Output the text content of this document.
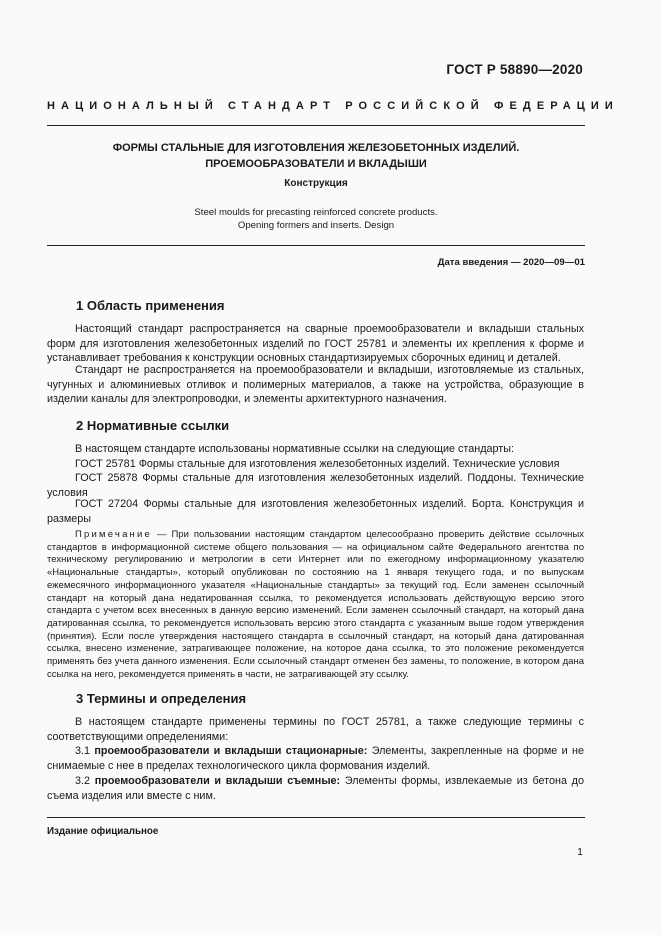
ГОСТ Р 58890—2020
НАЦИОНАЛЬНЫЙ СТАНДАРТ РОССИЙСКОЙ ФЕДЕРАЦИИ
ФОРМЫ СТАЛЬНЫЕ ДЛЯ ИЗГОТОВЛЕНИЯ ЖЕЛЕЗОБЕТОННЫХ ИЗДЕЛИЙ.
ПРОЕМООБРАЗОВАТЕЛИ И ВКЛАДЫШИ
Конструкция
Steel moulds for precasting reinforced concrete products.
Opening formers and inserts. Design
Дата введения — 2020—09—01
1 Область применения
Настоящий стандарт распространяется на сварные проемообразователи и вкладыши стальных форм для изготовления железобетонных изделий по ГОСТ 25781 и элементы их крепления к форме и устанавливает требования к конструкции основных стандартизируемых сборочных единиц и деталей.
Стандарт не распространяется на проемообразователи и вкладыши, изготовляемые из стальных, чугунных и алюминиевых отливок и полимерных материалов, а также на устройства, образующие в изделии каналы для электропроводки, и элементы архитектурного назначения.
2 Нормативные ссылки
В настоящем стандарте использованы нормативные ссылки на следующие стандарты:
ГОСТ 25781 Формы стальные для изготовления железобетонных изделий. Технические условия
ГОСТ 25878 Формы стальные для изготовления железобетонных изделий. Поддоны. Технические условия
ГОСТ 27204 Формы стальные для изготовления железобетонных изделий. Борта. Конструкция и размеры
Примечание — При пользовании настоящим стандартом целесообразно проверить действие ссылочных стандартов в информационной системе общего пользования — на официальном сайте Федерального агентства по техническому регулированию и метрологии в сети Интернет или по ежегодному информационному указателю «Национальные стандарты», который опубликован по состоянию на 1 января текущего года, и по выпускам ежемесячного информационного указателя «Национальные стандарты» за текущий год. Если заменен ссылочный стандарт на который дана недатированная ссылка, то рекомендуется использовать действующую версию этого стандарта с учетом всех внесенных в данную версию изменений. Если заменен ссылочный стандарт, на который дана датированная ссылка, то рекомендуется использовать версию этого стандарта с указанным выше годом утверждения (принятия). Если после утверждения настоящего стандарта в ссылочный стандарт, на который дана датированная ссылка, внесено изменение, затрагивающее положение, на которое дана ссылка, то это положение рекомендуется применять без учета данного изменения. Если ссылочный стандарт отменен без замены, то положение, в котором дана ссылка на него, рекомендуется применять в части, не затрагивающей эту ссылку.
3 Термины и определения
В настоящем стандарте применены термины по ГОСТ 25781, а также следующие термины с соответствующими определениями:
3.1 проемообразователи и вкладыши стационарные: Элементы, закрепленные на форме и не снимаемые с нее в пределах технологического цикла формования изделий.
3.2 проемообразователи и вкладыши съемные: Элементы формы, извлекаемые из бетона до съема изделия или вместе с ним.
Издание официальное
1
